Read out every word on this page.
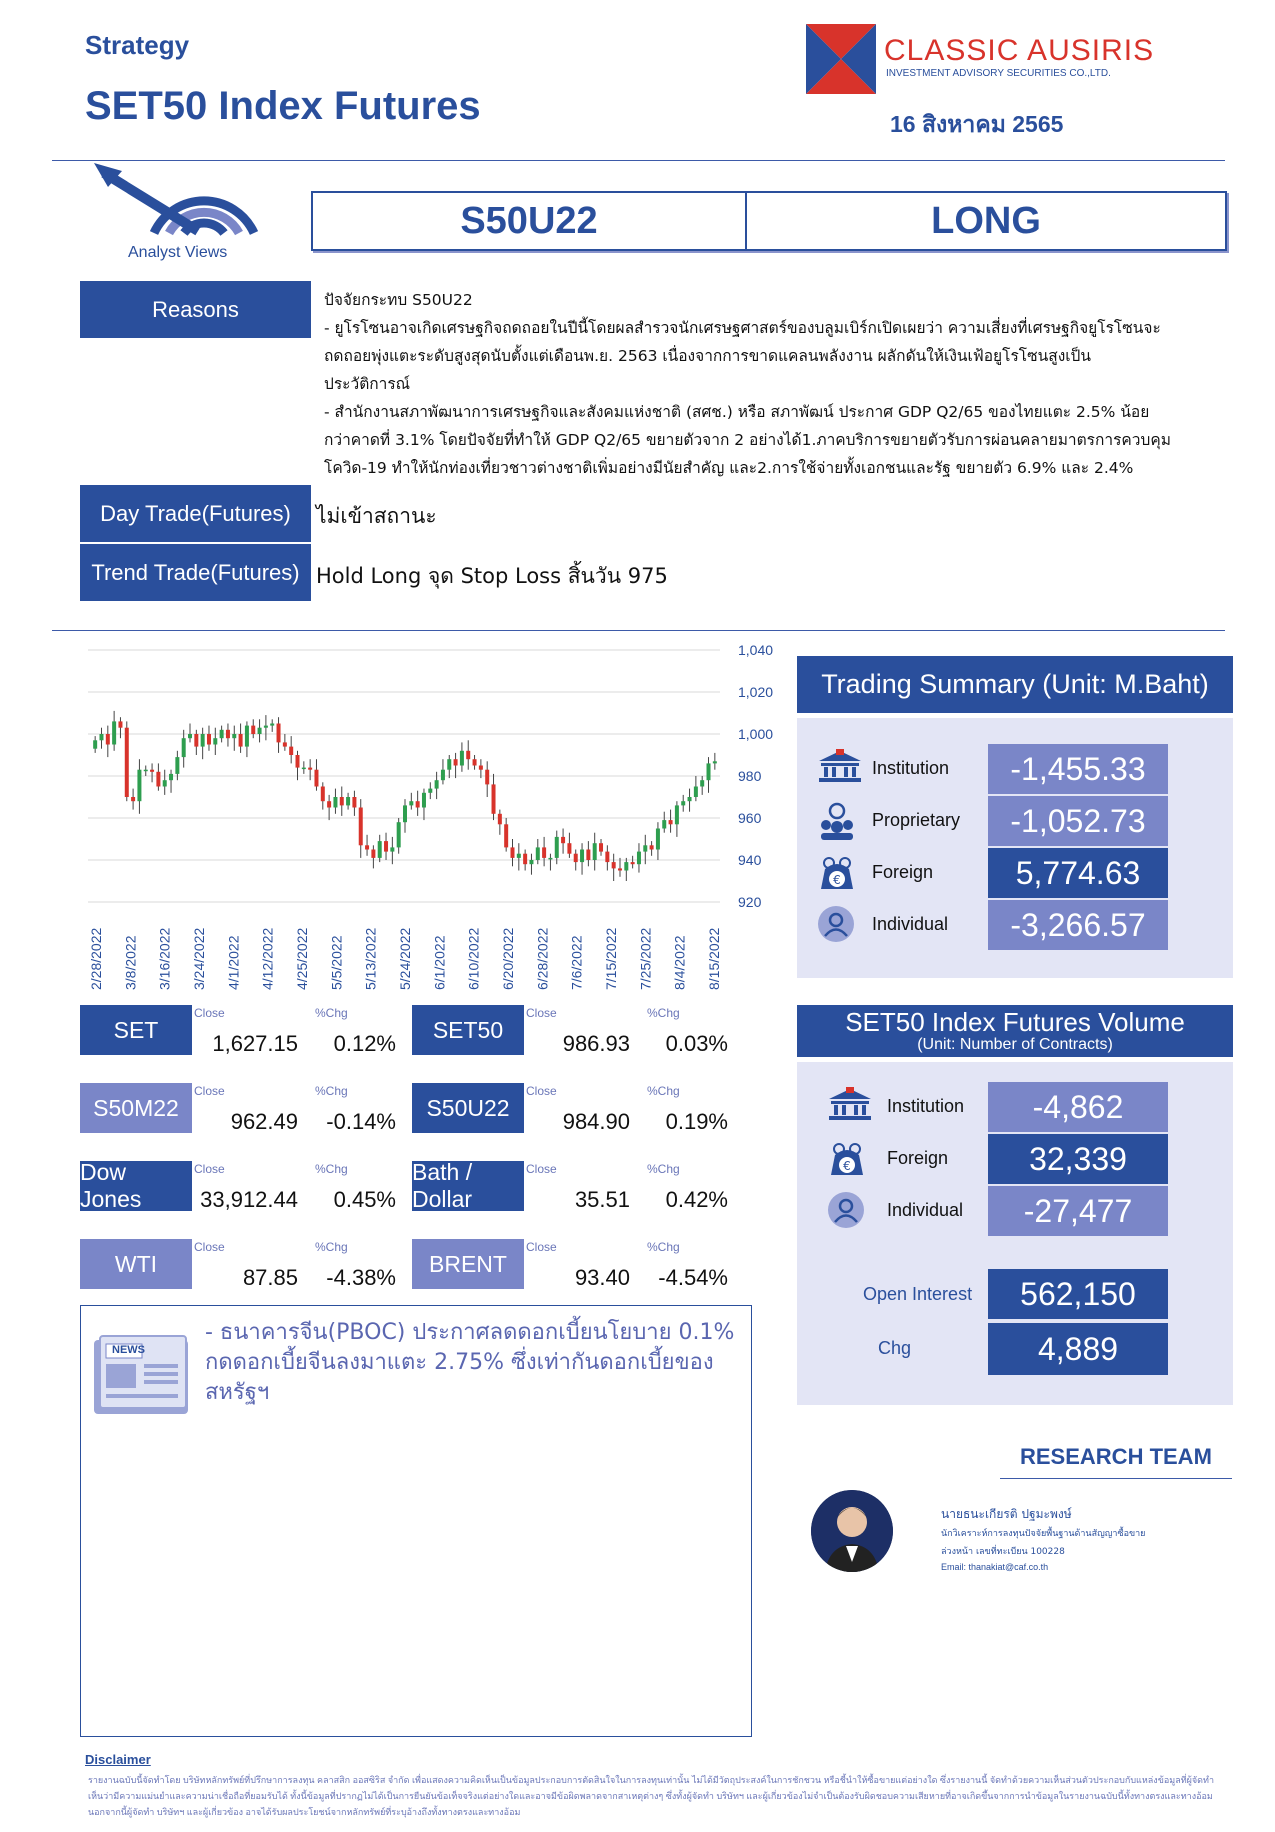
Strategy
SET50 Index Futures
CLASSIC AUSIRIS
INVESTMENT ADVISORY SECURITIES CO.,LTD.
16 สิงหาคม 2565
Analyst Views
S50U22	LONG
Reasons	ปัจจัยกระทบ S50U22
- ยูโรโซนอาจเกิดเศรษฐกิจถดถอยในปีนี้โดยผลสำรวจนักเศรษฐศาสตร์ของบลูมเบิร์กเปิดเผยว่า ความเสี่ยงที่เศรษฐกิจยูโรโซนจะ
ถดถอยพุ่งแตะระดับสูงสุดนับตั้งแต่เดือนพ.ย. 2563 เนื่องจากการขาดแคลนพลังงาน ผลักดันให้เงินเฟ้อยูโรโซนสูงเป็น
ประวัติการณ์
- สำนักงานสภาพัฒนาการเศรษฐกิจและสังคมแห่งชาติ (สศช.) หรือ สภาพัฒน์ ประกาศ GDP Q2/65 ของไทยแตะ 2.5% น้อย
กว่าคาดที่ 3.1% โดยปัจจัยที่ทำให้ GDP Q2/65 ขยายตัวจาก 2 อย่างได้1.ภาคบริการขยายตัวรับการผ่อนคลายมาตรการควบคุม
โควิด-19 ทำให้นักท่องเที่ยวชาวต่างชาติเพิ่มอย่างมีนัยสำคัญ และ2.การใช้จ่ายทั้งเอกชนและรัฐ ขยายตัว 6.9% และ 2.4%
Day Trade(Futures)	ไม่เข้าสถานะ
Trend Trade(Futures) Hold Long จุด Stop Loss สิ้นวัน 975
1,040
1,020
1,000
980
960
940
920
2/28/2022 3/8/2022 3/16/2022 3/24/2022 4/1/2022 4/12/2022 4/25/2022 5/5/2022 5/13/2022 5/24/2022 6/1/2022 6/10/2022 6/20/2022 6/28/2022 7/6/2022 7/15/2022 7/25/2022 8/4/2022 8/15/2022
NEWS
- ธนาคารจีน(PBOC) ประกาศลดดอกเบี้ยนโยบาย 0.1% กดดอกเบี้ยจีนลงมาแตะ 2.75% ซึ่งเท่ากันดอกเบี้ยของสหรัฐฯ
Trading Summary (Unit: M.Baht)
SET50 Index Futures Volume
(Unit: Number of Contracts)
Open Interest	562,150
Chg	4,889
RESEARCH TEAM
นายธนะเกียรติ ปฐมะพงษ์
นักวิเคราะห์การลงทุนปัจจัยพื้นฐานด้านสัญญาซื้อขาย
ล่วงหน้า เลขที่ทะเบียน 100228
Email: thanakiat@caf.co.th
Disclaimer
รายงานฉบับนี้จัดทำโดย บริษัทหลักทรัพย์ที่ปรึกษาการลงทุน คลาสสิก ออสซิริส จำกัด เพื่อแสดงความคิดเห็นเป็นข้อมูลประกอบการตัดสินใจในการลงทุนเท่านั้น ไม่ได้มีวัตถุประสงค์ในการชักชวน หรือชี้นำให้ซื้อขายแต่อย่างใด ซึ่งรายงานนี้ จัดทำด้วยความเห็นส่วนตัวประกอบกับแหล่งข้อมูลที่ผู้จัดทำ
เห็นว่ามีความแม่นยำและความน่าเชื่อถือที่ยอมรับได้ ทั้งนี้ข้อมูลที่ปรากฏไม่ได้เป็นการยืนยันข้อเท็จจริงแต่อย่างใดและอาจมีข้อผิดพลาดจากสาเหตุต่างๆ ซึ่งทั้งผู้จัดทำ บริษัทฯ และผู้เกี่ยวข้องไม่จำเป็นต้องรับผิดชอบความเสียหายที่อาจเกิดขึ้นจากการนำข้อมูลในรายงานฉบับนี้ทั้งทางตรงและทางอ้อม
นอกจากนี้ผู้จัดทำ บริษัทฯ และผู้เกี่ยวข้อง อาจได้รับผลประโยชน์จากหลักทรัพย์ที่ระบุอ้างถึงทั้งทางตรงและทางอ้อม
SET
Close	%Chg
1,627.15	0.12%
SET50
Close	%Chg
986.93	0.03%
S50M22
Close	%Chg
962.49	-0.14%
S50U22
Close	%Chg
984.90	0.19%
Dow Jones
Close	%Chg
33,912.44	0.45%
Bath / Dollar
Close	%Chg
35.51	0.42%
WTI
Close	%Chg
87.85	-4.38%
BRENT
Close	%Chg
93.40	-4.54%
Institution	-1,455.33
Proprietary	-1,052.73
€ Foreign	5,774.63
Individual	-3,266.57
Institution	-4,862
€ Foreign	32,339
Individual	-27,477
